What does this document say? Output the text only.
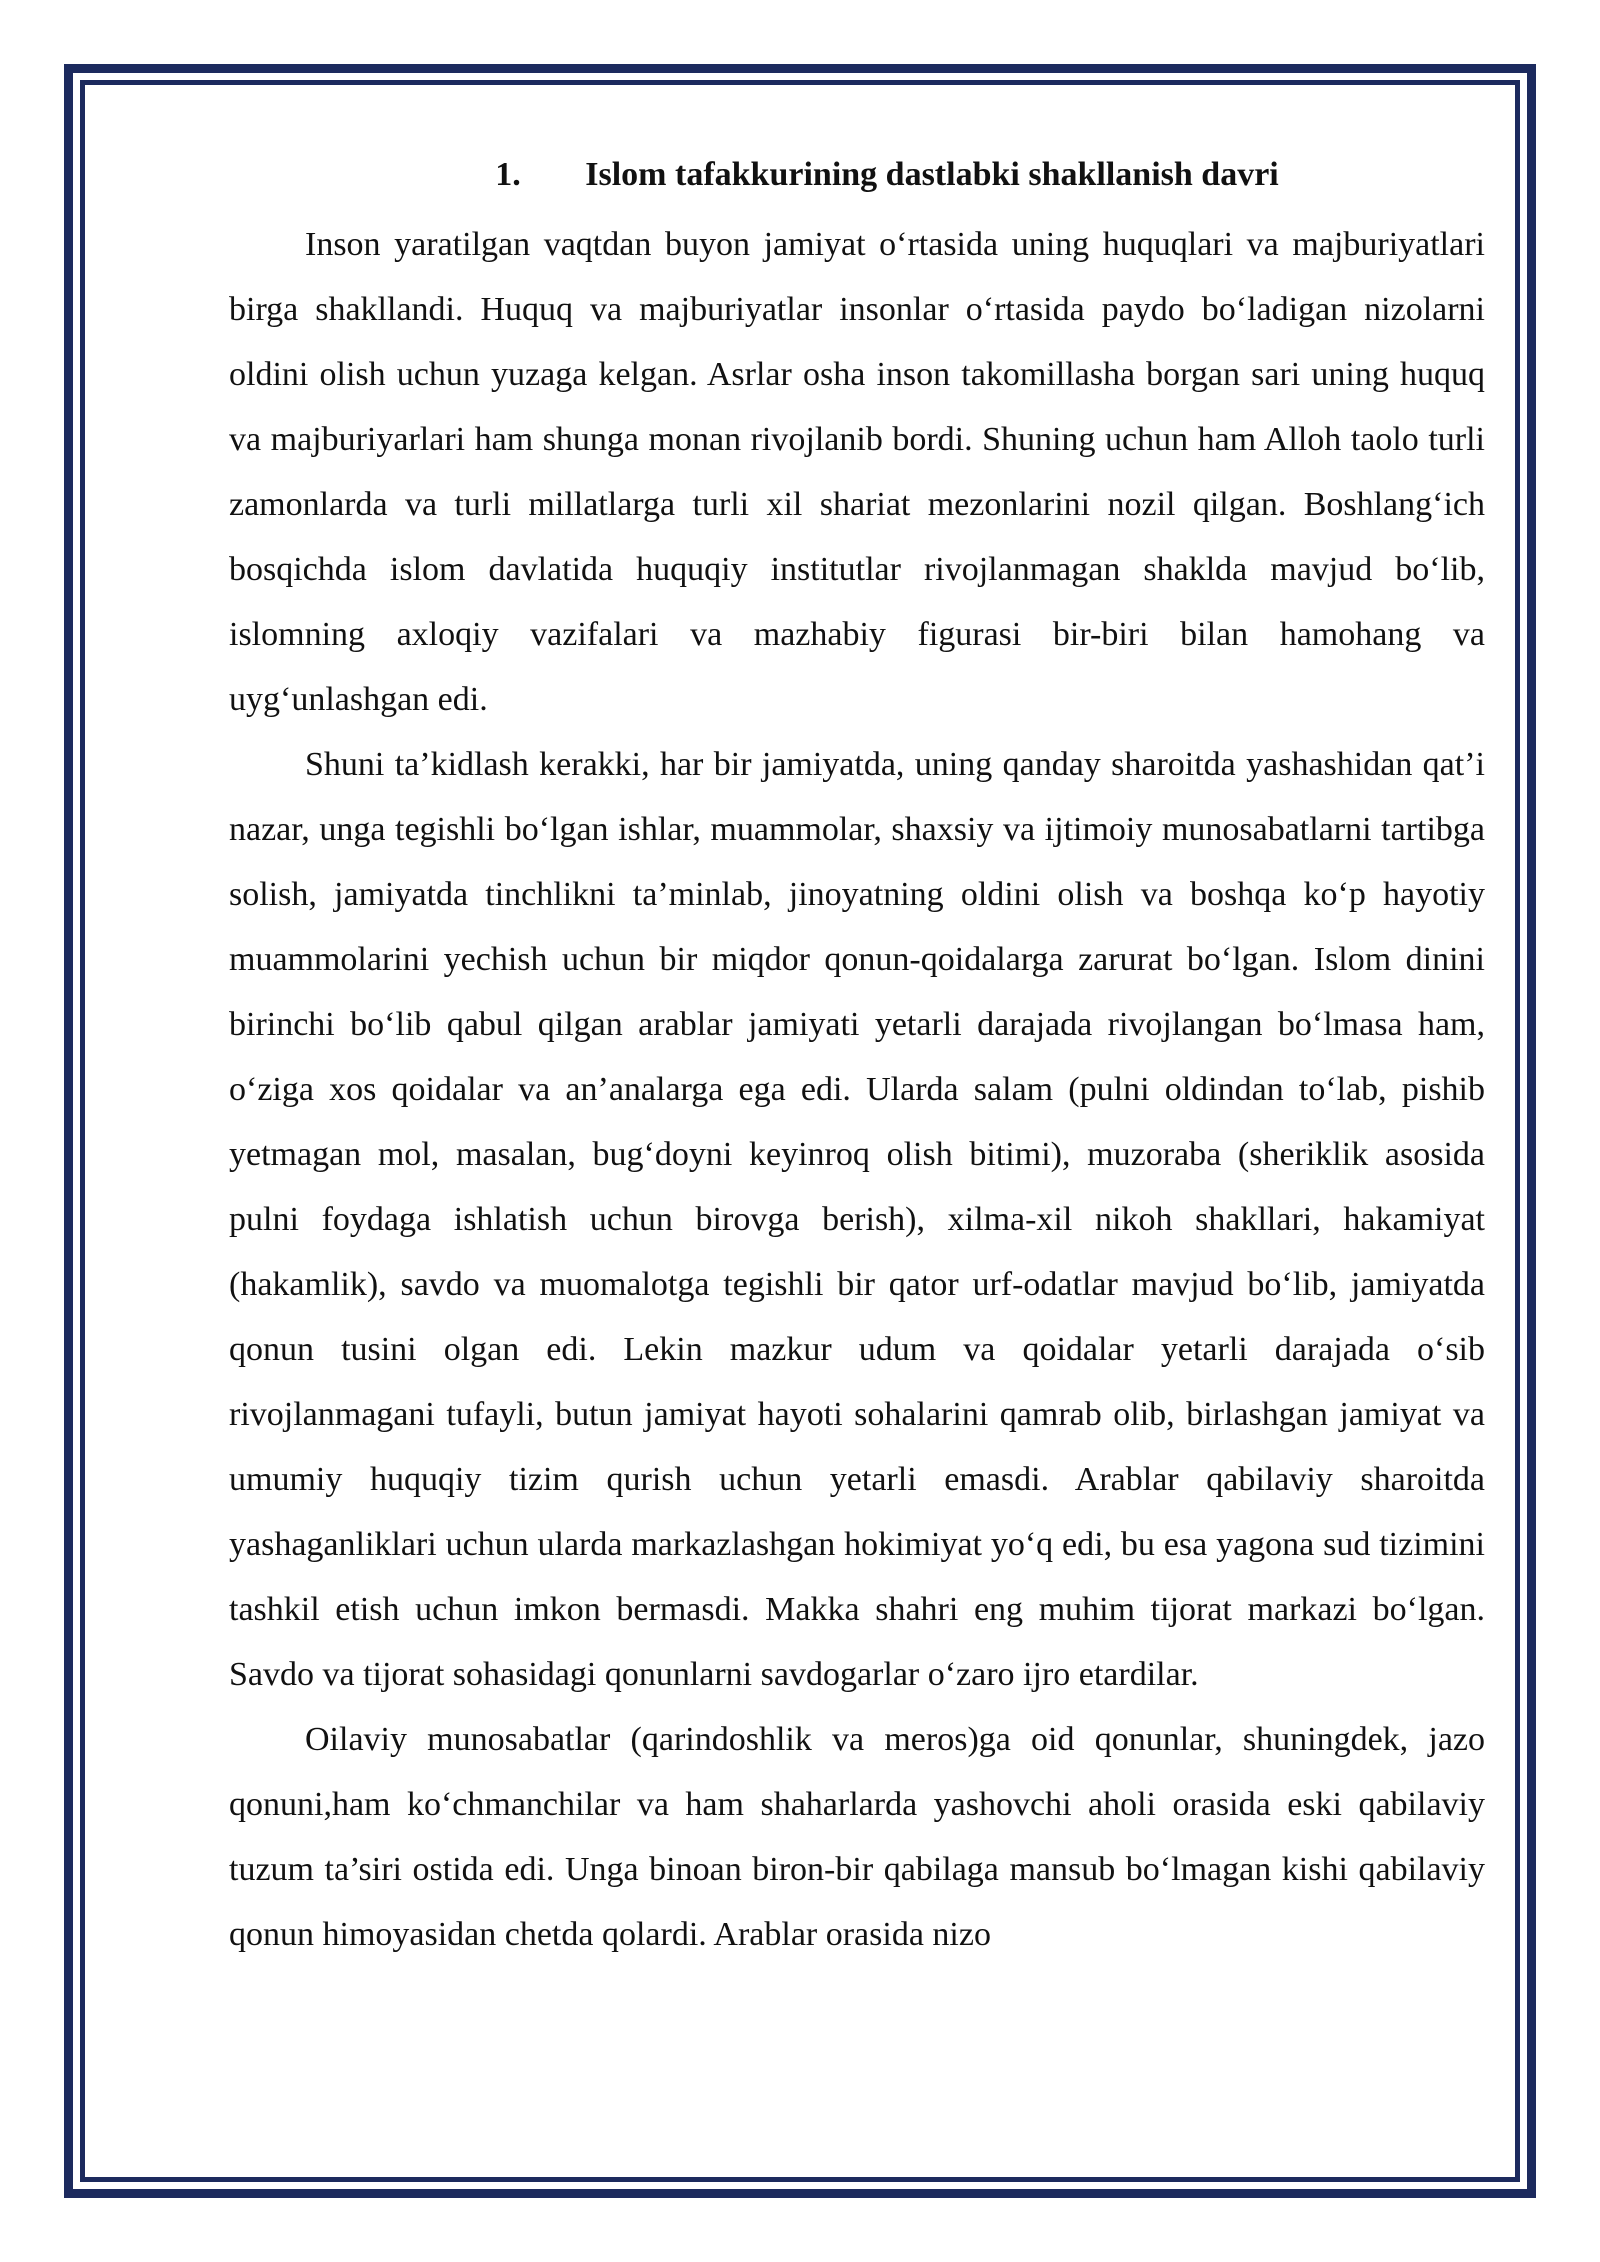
1. Islom tafakkurining dastlabki shakllanish davri

Inson yaratilgan vaqtdan buyon jamiyat o‘rtasida uning huquqlari va majburiyatlari birga shakllandi. Huquq va majburiyatlar insonlar o‘rtasida paydo bo‘ladigan nizolarni oldini olish uchun yuzaga kelgan. Asrlar osha inson takomillasha borgan sari uning huquq va majburiyarlari ham shunga monan rivojlanib bordi. Shuning uchun ham Alloh taolo turli zamonlarda va turli millatlarga turli xil shariat mezonlarini nozil qilgan. Boshlang‘ich bosqichda islom davlatida huquqiy institutlar rivojlanmagan shaklda mavjud bo‘lib, islomning axloqiy vazifalari va mazhabiy figurasi bir-biri bilan hamohang va uyg‘unlashgan edi.

Shuni ta’kidlash kerakki, har bir jamiyatda, uning qanday sharoitda yashashidan qat’i nazar, unga tegishli bo‘lgan ishlar, muammolar, shaxsiy va ijtimoiy munosabatlarni tartibga solish, jamiyatda tinchlikni ta’minlab, jinoyatning oldini olish va boshqa ko‘p hayotiy muammolarini yechish uchun bir miqdor qonun-qoidalarga zarurat bo‘lgan. Islom dinini birinchi bo‘lib qabul qilgan arablar jamiyati yetarli darajada rivojlangan bo‘lmasa ham, o‘ziga xos qoidalar va an’analarga ega edi. Ularda salam (pulni oldindan to‘lab, pishib yetmagan mol, masalan, bug‘doyni keyinroq olish bitimi), muzoraba (sheriklik asosida pulni foydaga ishlatish uchun birovga berish), xilma-xil nikoh shakllari, hakamiyat (hakamlik), savdo va muomalotga tegishli bir qator urf-odatlar mavjud bo‘lib, jamiyatda qonun tusini olgan edi. Lekin mazkur udum va qoidalar yetarli darajada o‘sib rivojlanmagani tufayli, butun jamiyat hayoti sohalarini qamrab olib, birlashgan jamiyat va umumiy huquqiy tizim qurish uchun yetarli emasdi. Arablar qabilaviy sharoitda yashaganliklari uchun ularda markazlashgan hokimiyat yo‘q edi, bu esa yagona sud tizimini tashkil etish uchun imkon bermasdi. Makka shahri eng muhim tijorat markazi bo‘lgan. Savdo va tijorat sohasidagi qonunlarni savdogarlar o‘zaro ijro etardilar.

Oilaviy munosabatlar (qarindoshlik va meros)ga oid qonunlar, shuningdek, jazo qonuni,ham ko‘chmanchilar va ham shaharlarda yashovchi aholi orasida eski qabilaviy tuzum ta’siri ostida edi. Unga binoan biron-bir qabilaga mansub bo‘lmagan kishi qabilaviy qonun himoyasidan chetda qolardi. Arablar orasida nizo
